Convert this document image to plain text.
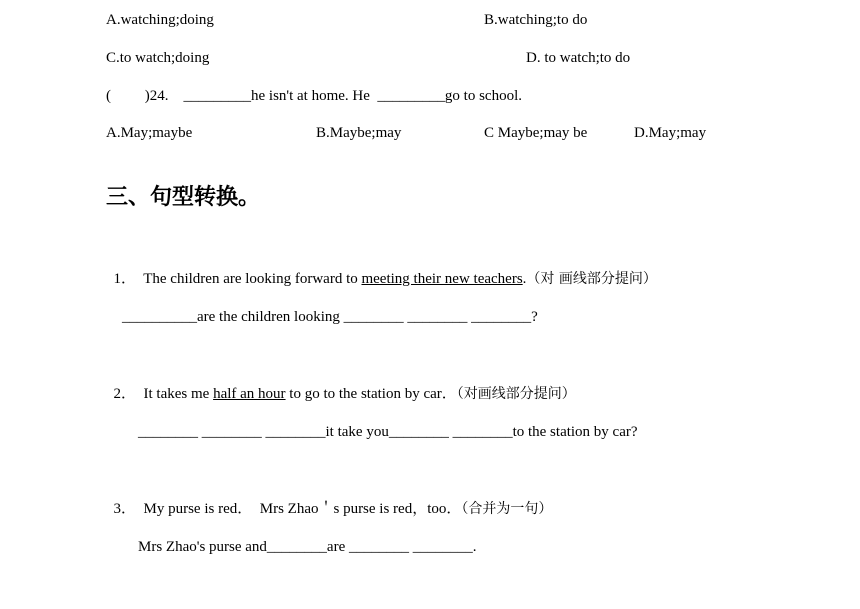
A.watching;doing	B.watching;to do
C.to watch;doing	D. to watch;to do
(         )24.    _________he isn't at home. He  _________go to school.
A.May;maybe	B.Maybe;may	C Maybe;may be	D.May;may
三、句型转换。

1．  The children are looking forward to meeting their new teachers.（对 画线部分提问）

__________are the children looking ________ ________ ________?

2．  It takes me half an hour to go to the station by car．（对画线部分提问）

________ ________ ________it take you________ ________to the station by car?

3．  My purse is red．  Mrs Zhao＇s purse is red，too．（合并为一句）

Mrs Zhao's purse and________are ________ ________.
